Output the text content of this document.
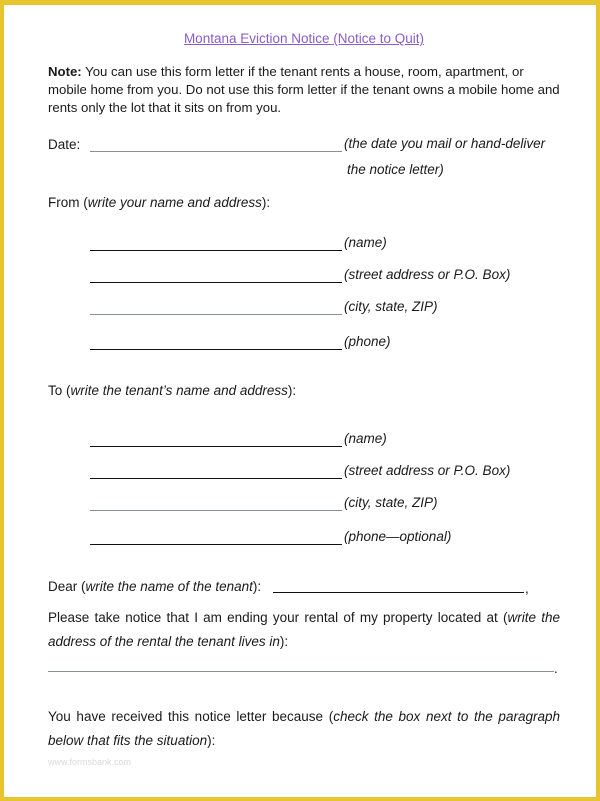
Montana Eviction Notice (Notice to Quit)
Note: You can use this form letter if the tenant rents a house, room, apartment, or mobile home from you. Do not use this form letter if the tenant owns a mobile home and rents only the lot that it sits on from you.
Date:	(the date you mail or hand-deliver
the notice letter)
From (write your name and address):
(name)
(street address or P.O. Box)
(city, state, ZIP)
(phone)
To (write the tenant’s name and address):
(name)
(street address or P.O. Box)
(city, state, ZIP)
(phone—optional)
Dear (write the name of the tenant):	,
Please take notice that I am ending your rental of my property located at (write the address of the rental the tenant lives in):
.
You have received this notice letter because (check the box next to the paragraph below that fits the situation):
www.formsbank.com
